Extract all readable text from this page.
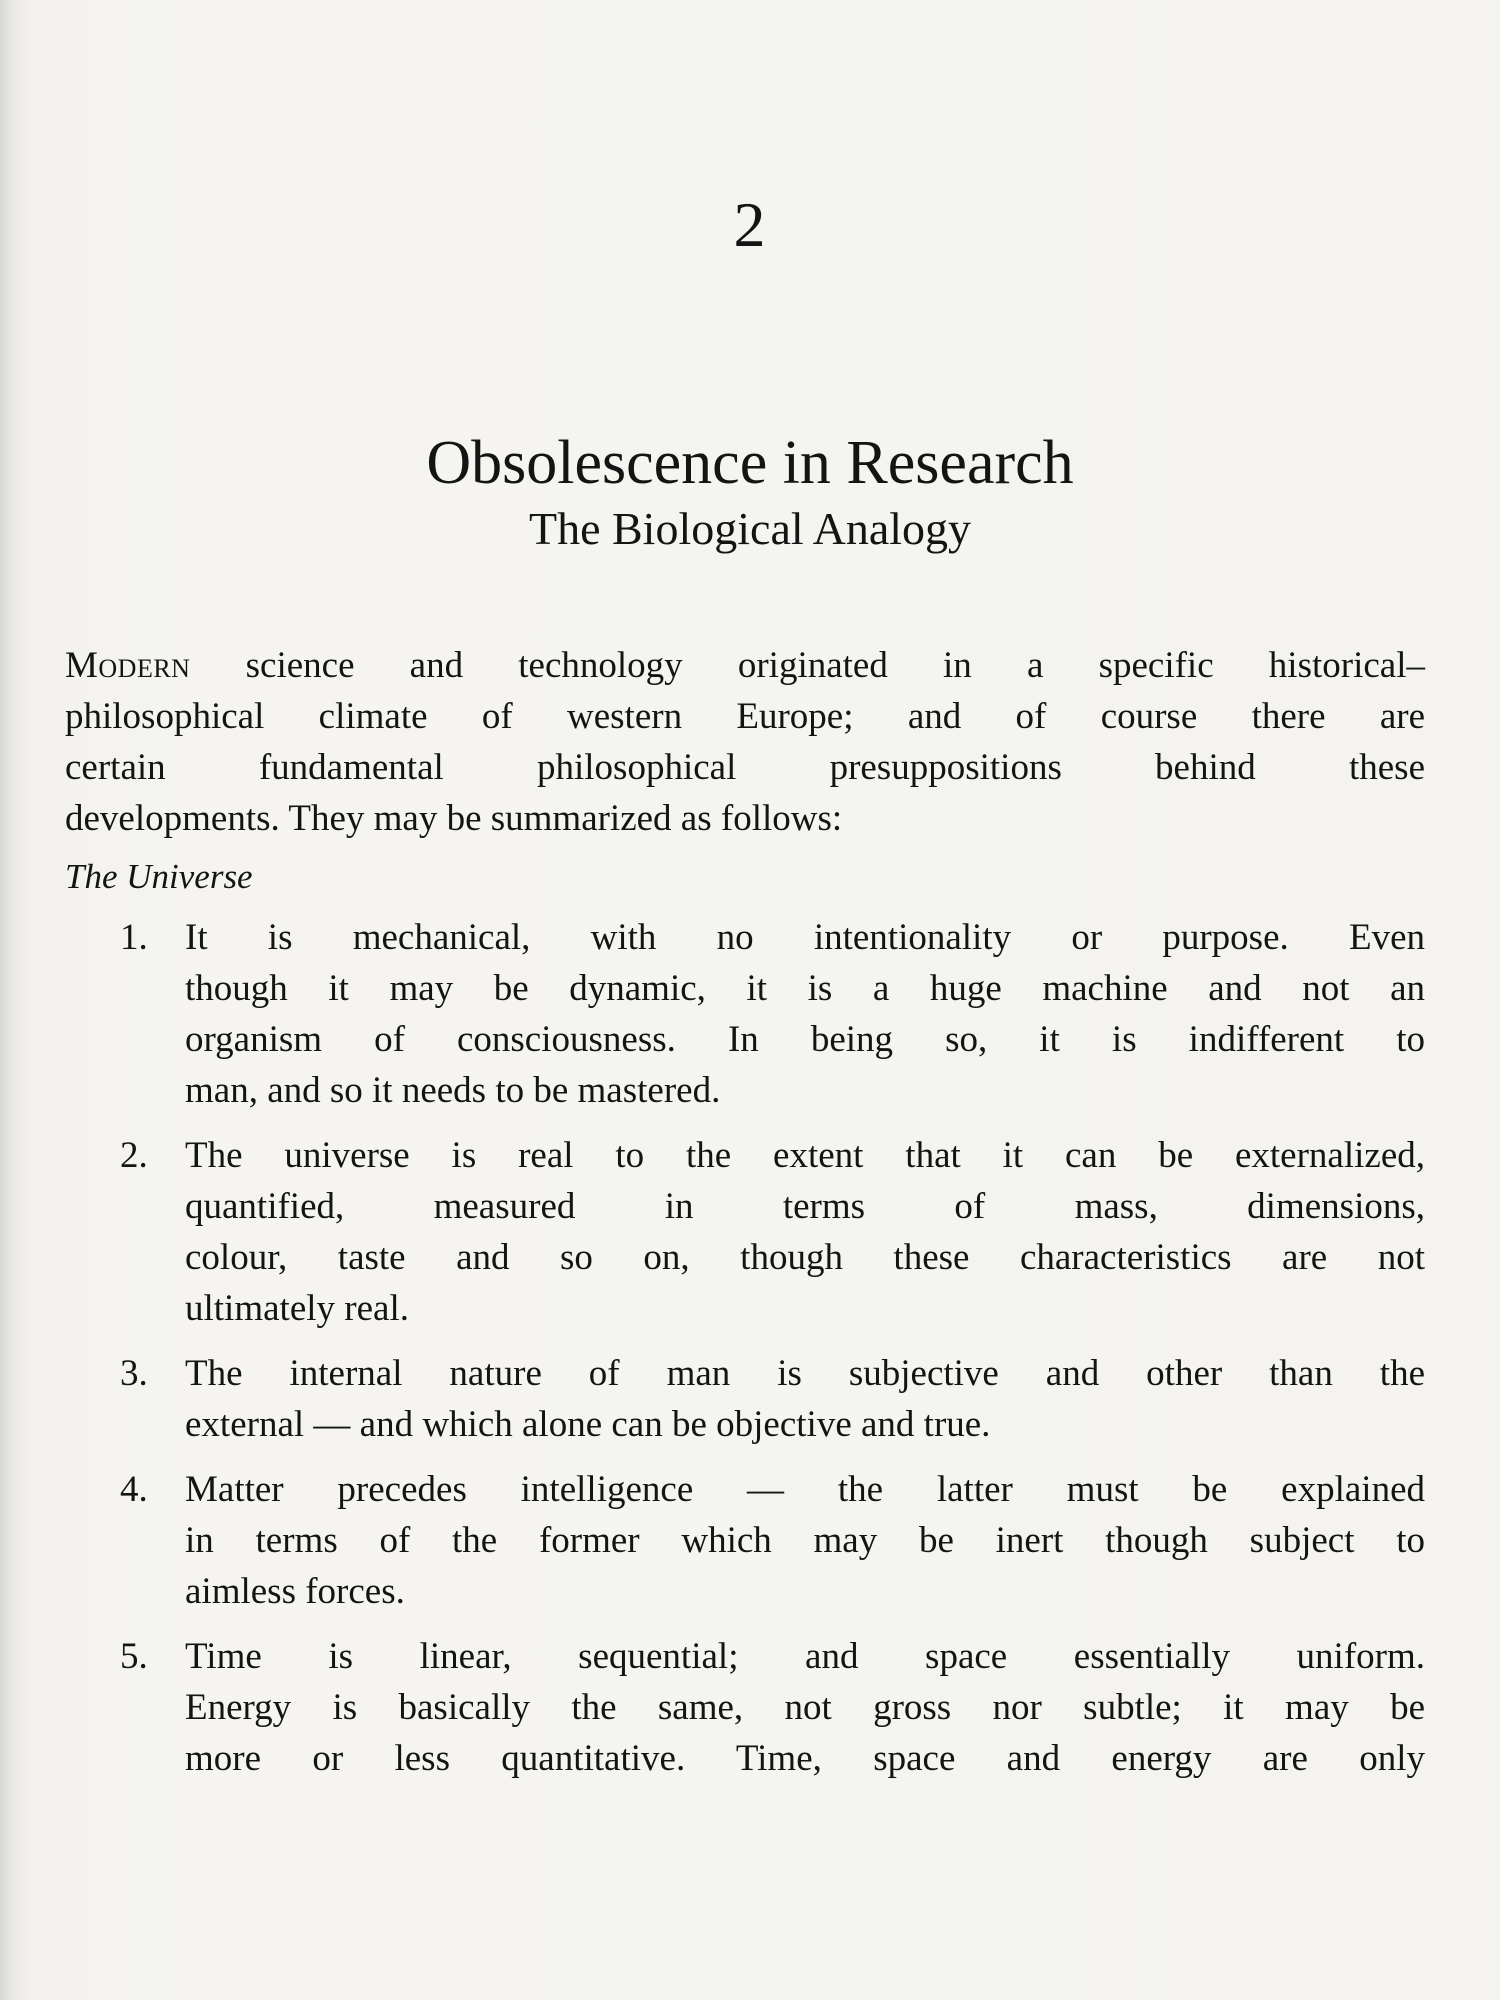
2
Obsolescence in Research
The Biological Analogy

Modern science and technology originated in a specific historical–
philosophical climate of western Europe; and of course there are
certain fundamental philosophical presuppositions behind these
developments. They may be summarized as follows:

The Universe
1. It is mechanical, with no intentionality or purpose. Even
though it may be dynamic, it is a huge machine and not an
organism of consciousness. In being so, it is indifferent to
man, and so it needs to be mastered.
2. The universe is real to the extent that it can be externalized,
quantified, measured in terms of mass, dimensions,
colour, taste and so on, though these characteristics are not
ultimately real.
3. The internal nature of man is subjective and other than the
external — and which alone can be objective and true.
4. Matter precedes intelligence — the latter must be explained
in terms of the former which may be inert though subject to
aimless forces.
5. Time is linear, sequential; and space essentially uniform.
Energy is basically the same, not gross nor subtle; it may be
more or less quantitative. Time, space and energy are only
